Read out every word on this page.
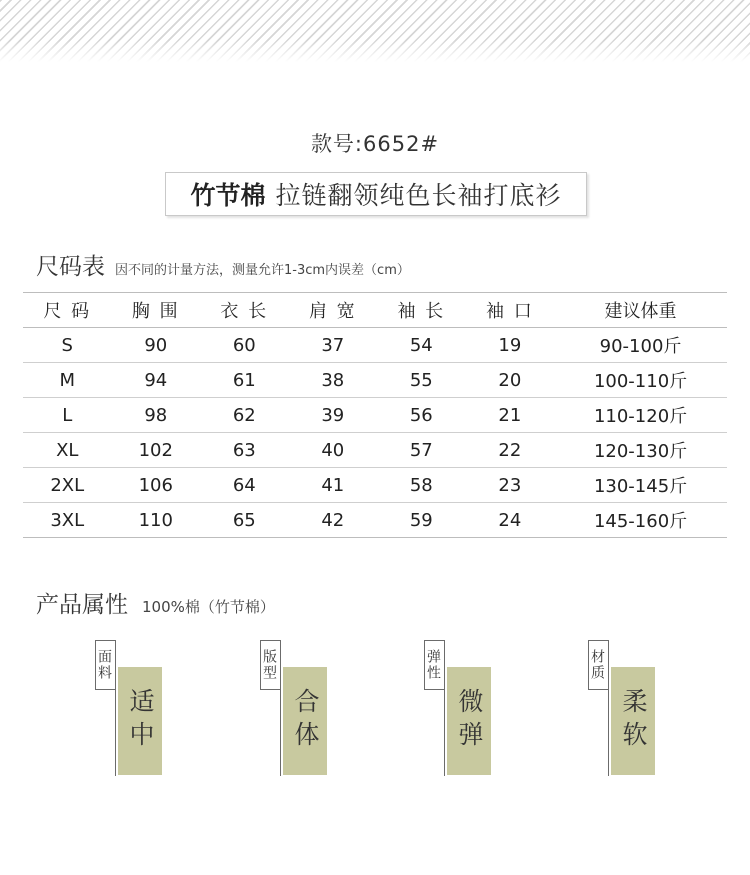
款号:6652#
竹节棉 拉链翻领纯色长袖打底衫
尺码表 因不同的计量方法，测量允许1-3cm内误差（cm）
尺 码	胸 围	衣 长	肩 宽	袖 长	袖 口	建议体重
S	90	60	37	54	19	90-100斤
M	94	61	38	55	20	100-110斤
L	98	62	39	56	21	110-120斤
XL	102	63	40	57	22	120-130斤
2XL	106	64	41	58	23	130-145斤
3XL	110	65	42	59	24	145-160斤
产品属性 100%棉（竹节棉）
面料
适中
版型
合体
弹性
微弹
材质
柔软
